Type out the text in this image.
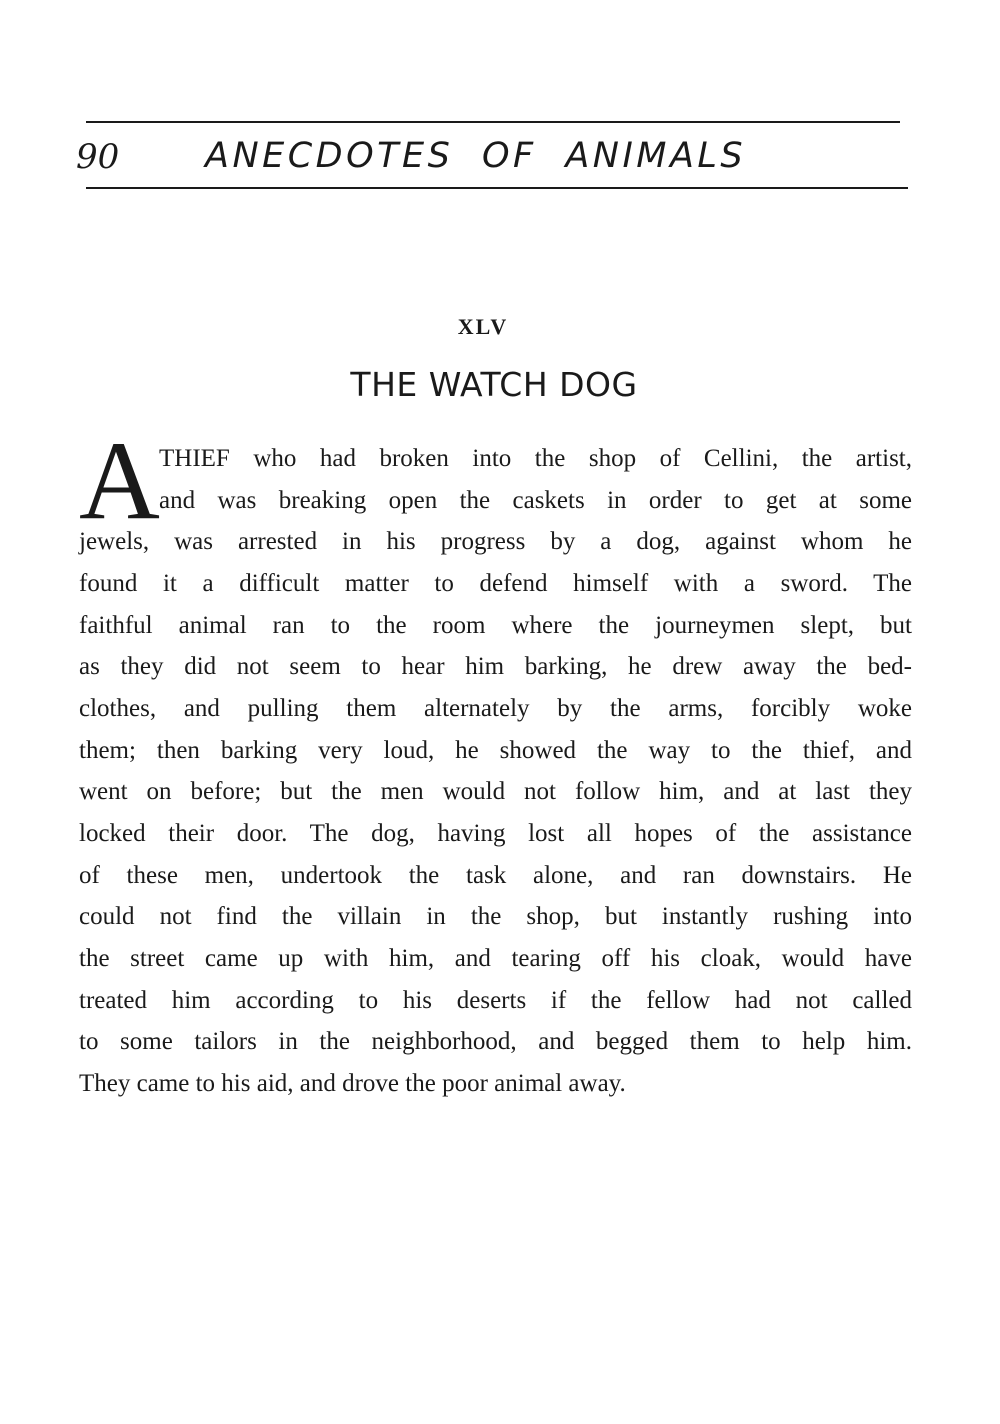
90 ANECDOTES OF ANIMALS
XLV
THE WATCH DOG
A THIEF who had broken into the shop of Cellini, the artist,
and was breaking open the caskets in order to get at some
jewels, was arrested in his progress by a dog, against whom he
found it a difficult matter to defend himself with a sword. The
faithful animal ran to the room where the journeymen slept, but
as they did not seem to hear him barking, he drew away the bed-
clothes, and pulling them alternately by the arms, forcibly woke
them; then barking very loud, he showed the way to the thief, and
went on before; but the men would not follow him, and at last they
locked their door. The dog, having lost all hopes of the assistance
of these men, undertook the task alone, and ran downstairs. He
could not find the villain in the shop, but instantly rushing into
the street came up with him, and tearing off his cloak, would have
treated him according to his deserts if the fellow had not called
to some tailors in the neighborhood, and begged them to help him.
They came to his aid, and drove the poor animal away.
